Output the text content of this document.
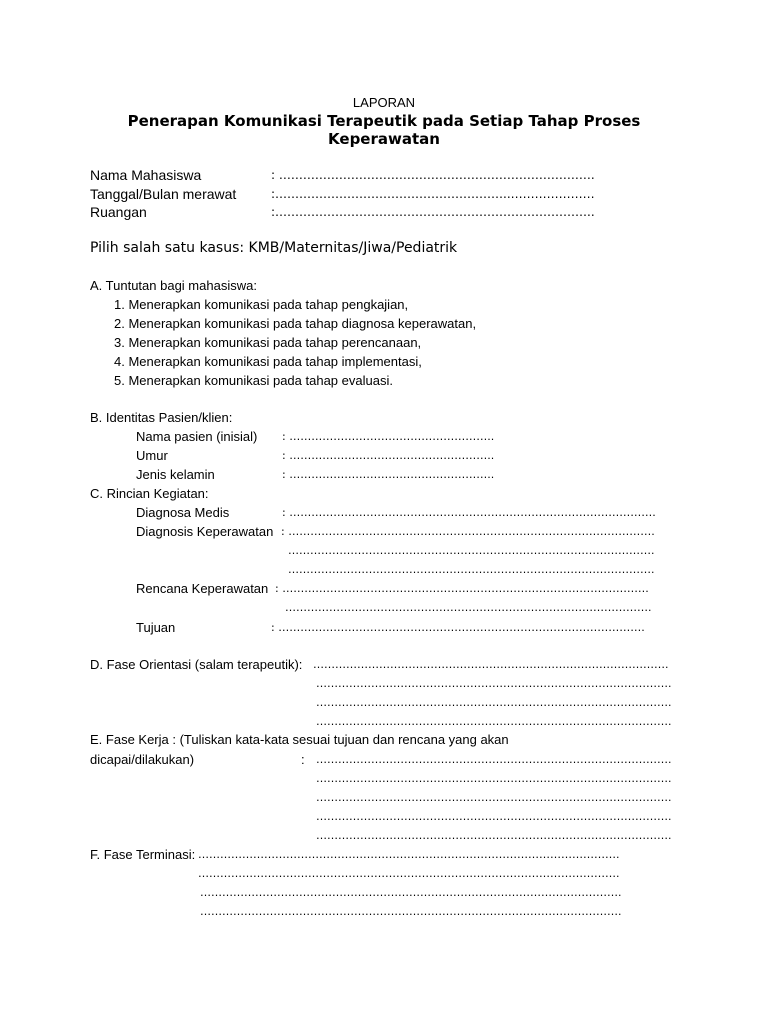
LAPORAN
Penerapan Komunikasi Terapeutik pada Setiap Tahap Proses
Keperawatan
Nama Mahasiswa	: …………………………………………………………………….
Tanggal/Bulan merawat	:…………………………………………………..…………………
Ruangan	:……………………………………………………………………..
Pilih salah satu kasus: KMB/Maternitas/Jiwa/Pediatrik
A. Tuntutan bagi mahasiswa:
1. Menerapkan komunikasi pada tahap pengkajian,
2. Menerapkan komunikasi pada tahap diagnosa keperawatan,
3. Menerapkan komunikasi pada tahap perencanaan,
4. Menerapkan komunikasi pada tahap implementasi,
5. Menerapkan komunikasi pada tahap evaluasi.
B. Identitas Pasien/klien:
Nama pasien (inisial) : ………………………………………………..
Umur	: ………………………………………………..
Jenis kelamin	: ………………………………………………..
C. Rincian Kegiatan:
Diagnosa Medis	: ……………………………………………………………………………………….
Diagnosis Keperawatan : ……………………………………………………………………………………….
……………………………………………………………………………………….
……………………………………………………………………………………….
Rencana Keperawatan : ……………………………………………………………………………………….
……………………………………………………………………………………….
Tujuan	: ……………………………………………………………………………………….
D. Fase Orientasi (salam terapeutik): …………………………………………………………………………………….
…………………………………………………………………………………….
…………………………………………………………………………………….
…………………………………………………………………………………….
E. Fase Kerja : (Tuliskan kata-kata sesuai tujuan dan rencana yang akan
dicapai/dilakukan)	: …………………………………………………………………………………….
…………………………………………………………………………………….
…………………………………………………………………………………….
…………………………………………………………………………………….
…………………………………………………………………………………….
F. Fase Terminasi: …………………………………………………………………………………………………….
…………………………………………………………………………………………………….
…………………………………………………………………………………………………….
…………………………………………………………………………………………………….
